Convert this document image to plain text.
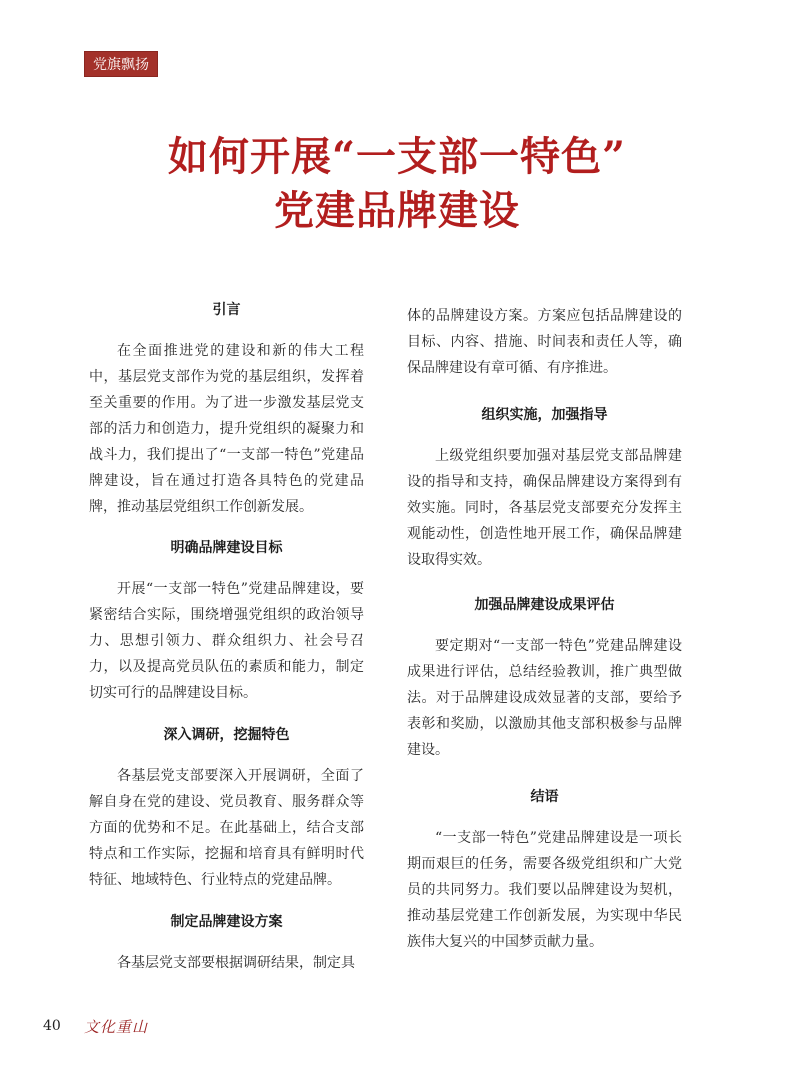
党旗飘扬
如何开展“一支部一特色”
党建品牌建设
引言

在全面推进党的建设和新的伟大工程中，基层党支部作为党的基层组织，发挥着至关重要的作用。为了进一步激发基层党支部的活力和创造力，提升党组织的凝聚力和战斗力，我们提出了“一支部一特色”党建品牌建设，旨在通过打造各具特色的党建品牌，推动基层党组织工作创新发展。

明确品牌建设目标

开展“一支部一特色”党建品牌建设，要紧密结合实际，围绕增强党组织的政治领导力、思想引领力、群众组织力、社会号召力，以及提高党员队伍的素质和能力，制定切实可行的品牌建设目标。

深入调研，挖掘特色

各基层党支部要深入开展调研，全面了解自身在党的建设、党员教育、服务群众等方面的优势和不足。在此基础上，结合支部特点和工作实际，挖掘和培育具有鲜明时代特征、地域特色、行业特点的党建品牌。

制定品牌建设方案

各基层党支部要根据调研结果，制定具

体的品牌建设方案。方案应包括品牌建设的目标、内容、措施、时间表和责任人等，确保品牌建设有章可循、有序推进。

组织实施，加强指导

上级党组织要加强对基层党支部品牌建设的指导和支持，确保品牌建设方案得到有效实施。同时，各基层党支部要充分发挥主观能动性，创造性地开展工作，确保品牌建设取得实效。

加强品牌建设成果评估

要定期对“一支部一特色”党建品牌建设成果进行评估，总结经验教训，推广典型做法。对于品牌建设成效显著的支部，要给予表彰和奖励，以激励其他支部积极参与品牌建设。

结语

“一支部一特色”党建品牌建设是一项长期而艰巨的任务，需要各级党组织和广大党员的共同努力。我们要以品牌建设为契机，推动基层党建工作创新发展，为实现中华民族伟大复兴的中国梦贡献力量。

40 文化重山
